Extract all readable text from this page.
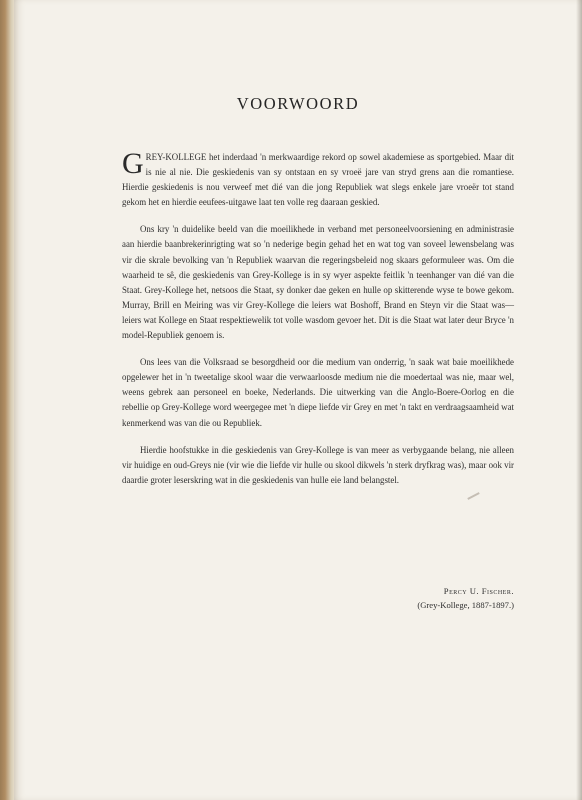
VOORWOORD

GREY-KOLLEGE het inderdaad 'n merkwaardige rekord op sowel akademiese as sportgebied. Maar dit is nie al nie. Die geskiedenis van sy ontstaan en sy vroeë jare van stryd grens aan die romantiese. Hierdie geskiedenis is nou verweef met dié van die jong Republiek wat slegs enkele jare vroeër tot stand gekom het en hierdie eeufees-uitgawe laat ten volle reg daaraan geskied.

Ons kry 'n duidelike beeld van die moeilikhede in verband met personeelvoorsiening en administrasie aan hierdie baanbrekerinrigting wat so 'n nederige begin gehad het en wat tog van soveel lewensbelang was vir die skrale bevolking van 'n Republiek waarvan die regeringsbeleid nog skaars geformuleer was. Om die waarheid te sê, die geskiedenis van Grey-Kollege is in sy wyer aspekte feitlik 'n teenhanger van dié van die Staat. Grey-Kollege het, netsoos die Staat, sy donker dae geken en hulle op skitterende wyse te bowe gekom. Murray, Brill en Meiring was vir Grey-Kollege die leiers wat Boshoff, Brand en Steyn vir die Staat was—leiers wat Kollege en Staat respektiewelik tot volle wasdom gevoer het. Dit is die Staat wat later deur Bryce 'n model-Republiek genoem is.

Ons lees van die Volksraad se besorgdheid oor die medium van onderrig, 'n saak wat baie moeilikhede opgelewer het in 'n tweetalige skool waar die verwaarloosde medium nie die moedertaal was nie, maar wel, weens gebrek aan personeel en boeke, Nederlands. Die uitwerking van die Anglo-Boere-Oorlog en die rebellie op Grey-Kollege word weergegee met 'n diepe liefde vir Grey en met 'n takt en verdraagsaamheid wat kenmerkend was van die ou Republiek.

Hierdie hoofstukke in die geskiedenis van Grey-Kollege is van meer as verbygaande belang, nie alleen vir huidige en oud-Greys nie (vir wie die liefde vir hulle ou skool dikwels 'n sterk dryfkrag was), maar ook vir daardie groter leserskring wat in die geskiedenis van hulle eie land belangstel.

Percy U. Fischer.
(Grey-Kollege, 1887-1897.)
